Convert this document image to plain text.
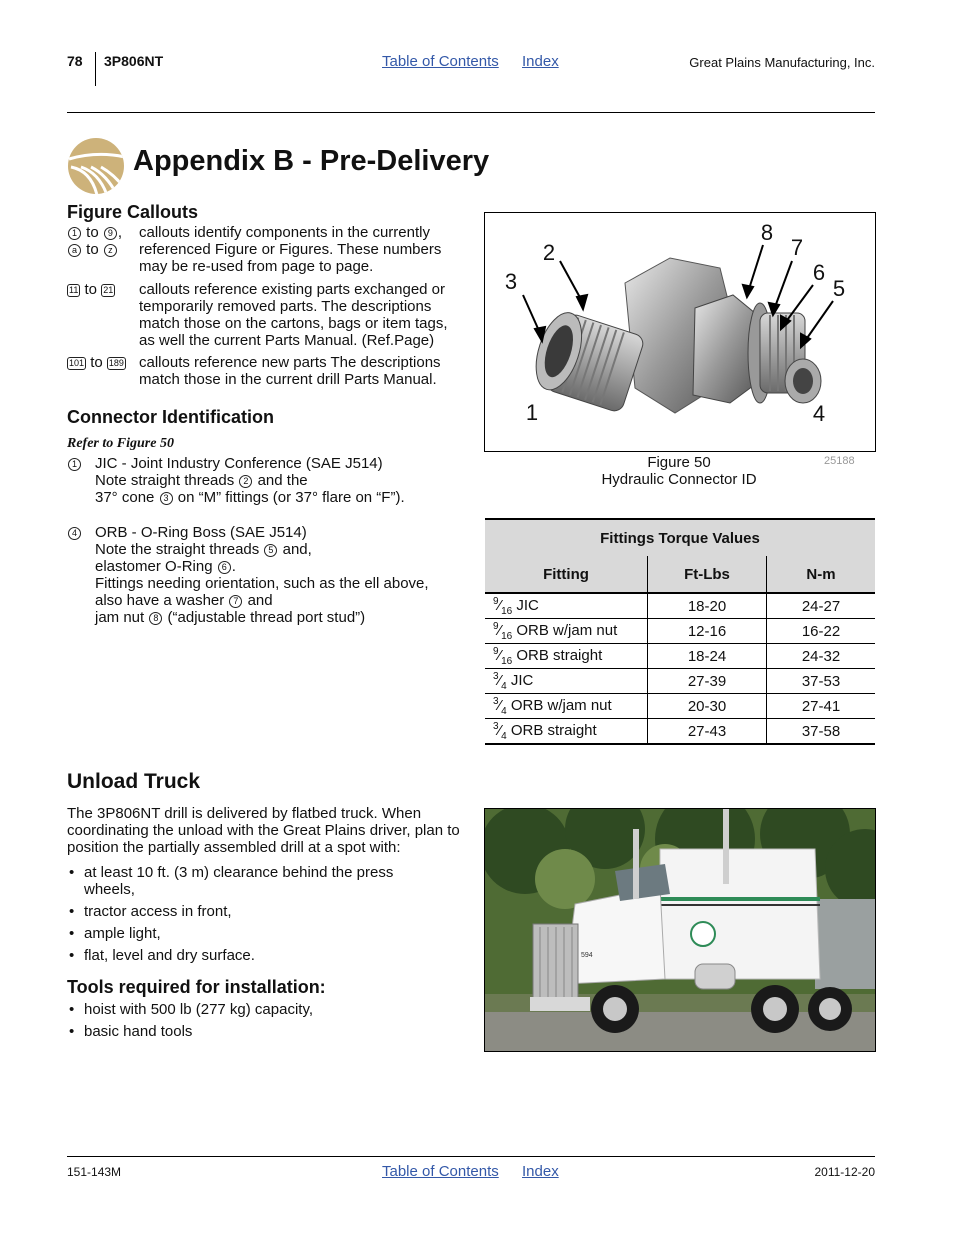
78 3P806NT	Table of Contents Index	Great Plains Manufacturing, Inc.
Appendix B - Pre-Delivery
Figure Callouts
1 to 9 ,
a to z
callouts identify components in the currently referenced Figure or Figures. These numbers may be re-used from page to page.
11 to 21 callouts reference existing parts exchanged or temporarily removed parts. The descriptions match those on the cartons, bags or item tags, as well the current Parts Manual. (Ref.Page)
101 to 189 callouts reference new parts The descriptions match those in the current drill Parts Manual.
Connector Identification
Refer to Figure 50
1 JIC - Joint Industry Conference (SAE J514)
Note straight threads 2 and the
37° cone 3 on “M” fittings (or 37° flare on “F”).
4 ORB - O-Ring Boss (SAE J514)
Note the straight threads 5 and,
elastomer O-Ring 6 .
Fittings needing orientation, such as the ell above,
also have a washer 7 and
jam nut 8 (“adjustable thread port stud”)
1
2
3
4
5
6
7
8
Figure 50
Hydraulic Connector ID
25188
Fittings Torque Values		
Fitting	Ft-Lbs	N-m
$^9⁄_{16}$ JIC	18-20	24-27
$^9⁄_{16}$ ORB w/jam nut	12-16	16-22
$^9⁄_{16}$ ORB straight	18-24	24-32
$^3⁄_4$ JIC	27-39	37-53
$^3⁄_4$ ORB w/jam nut	20-30	27-41
$^3⁄_4$ ORB straight	27-43	37-58
Unload Truck
The 3P806NT drill is delivered by flatbed truck. When coordinating the unload with the Great Plains driver, plan to position the partially assembled drill at a spot with:
• at least 10 ft. (3 m) clearance behind the press wheels,
• tractor access in front,
• ample light,
• flat, level and dry surface.
Tools required for installation:
• hoist with 500 lb (277 kg) capacity,
• basic hand tools
594
151-143M	Table of Contents Index	2011-12-20
